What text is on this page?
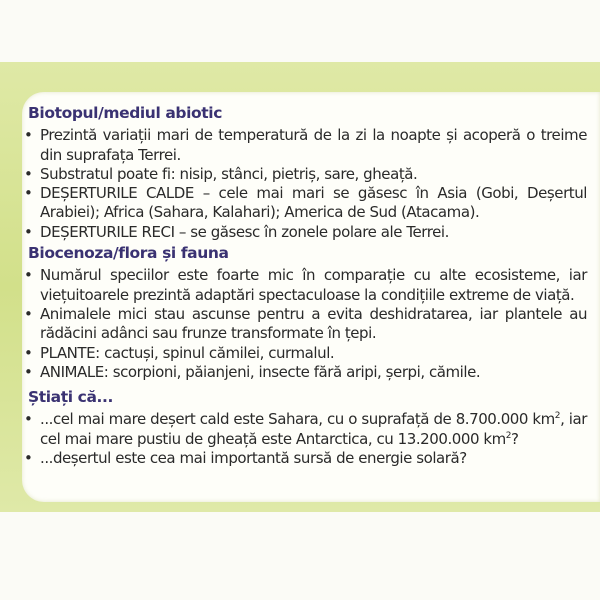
Biotopul/mediul abiotic
• Prezintă variații mari de temperatură de la zi la noapte și acoperă o treime din suprafața Terrei.
• Substratul poate fi: nisip, stânci, pietriș, sare, gheață.
• DEȘERTURILE CALDE – cele mai mari se găsesc în Asia (Gobi, Deșertul Arabiei); Africa (Sahara, Kalahari); America de Sud (Atacama).
• DEȘERTURILE RECI – se găsesc în zonele polare ale Terrei.
Biocenoza/flora și fauna
• Numărul speciilor este foarte mic în comparație cu alte ecosisteme, iar viețuitoarele prezintă adaptări spectaculoase la condițiile extreme de viață.
• Animalele mici stau ascunse pentru a evita deshidratarea, iar plantele au rădăcini adânci sau frunze transformate în țepi.
• PLANTE: cactuși, spinul cămilei, curmalul.
• ANIMALE: scorpioni, păianjeni, insecte fără aripi, șerpi, cămile.
Știați că...
• ...cel mai mare deșert cald este Sahara, cu o suprafață de 8.700.000 $km^2$, iar cel mai mare pustiu de gheață este Antarctica, cu 13.200.000 $km^2$?
• ...deșertul este cea mai importantă sursă de energie solară?
